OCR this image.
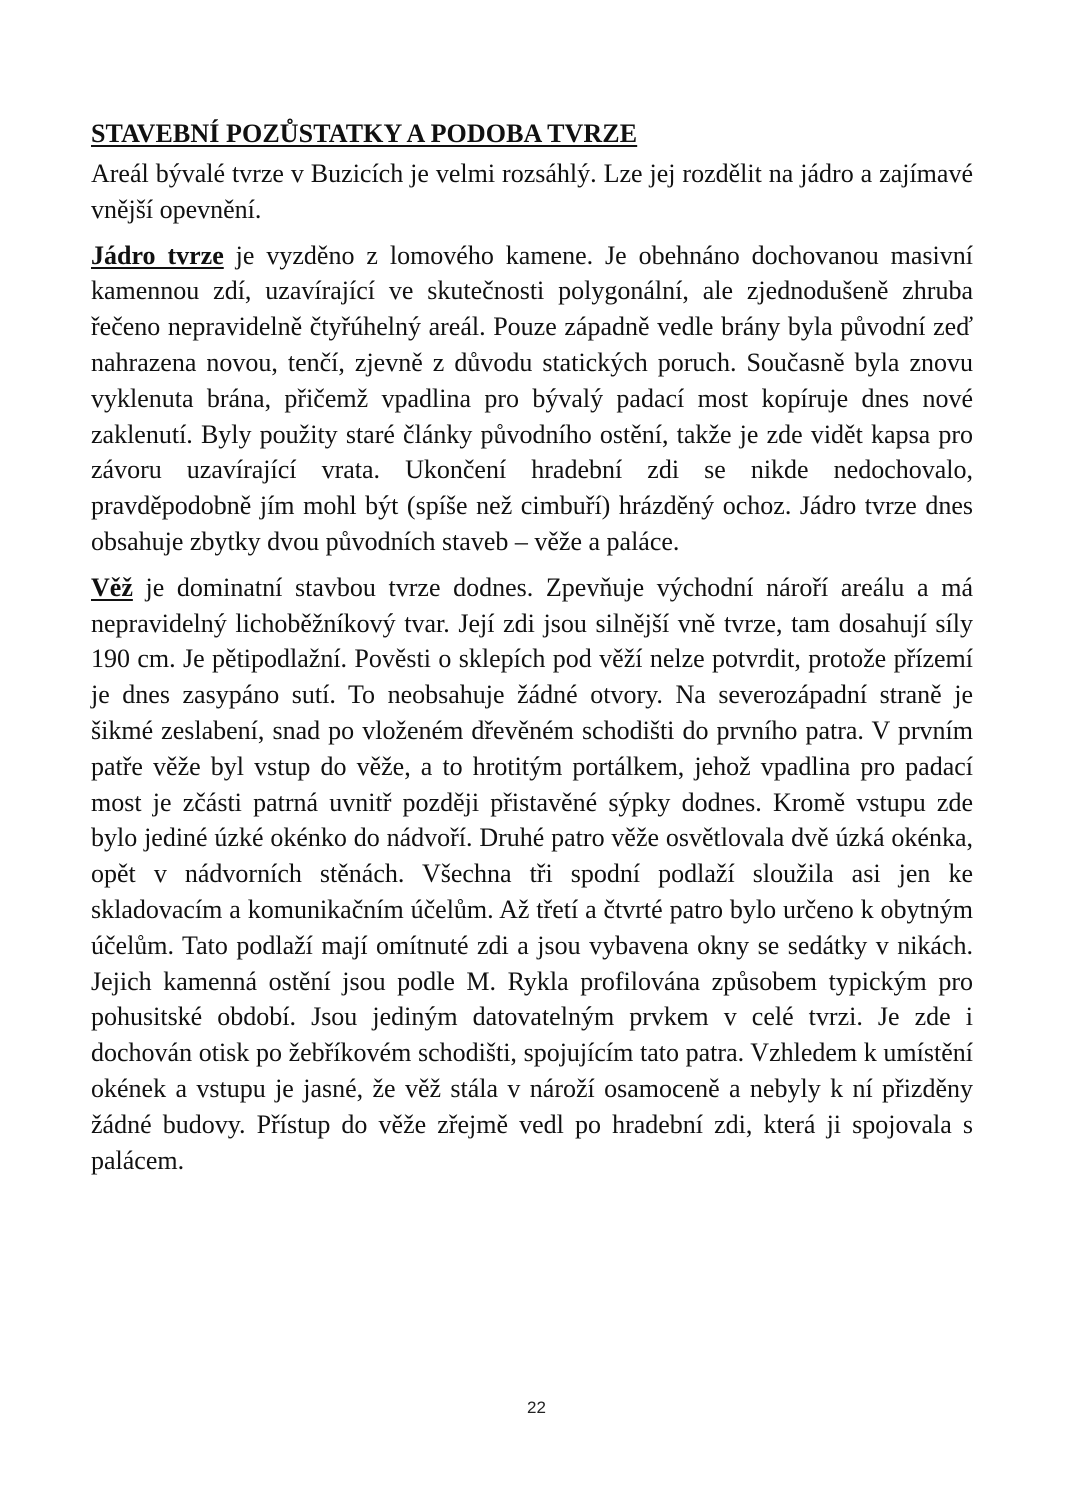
STAVEBNÍ POZŮSTATKY A PODOBA TVRZE

Areál bývalé tvrze v Buzicích je velmi rozsáhlý. Lze jej rozdělit na jádro a zajímavé vnější opevnění.

Jádro tvrze je vyzděno z lomového kamene. Je obehnáno dochovanou masivní kamennou zdí, uzavírající ve skutečnosti polygonální, ale zjednodušeně zhruba řečeno nepravidelně čtyřúhelný areál. Pouze západně vedle brány byla původní zeď nahrazena novou, tenčí, zjevně z důvodu statických poruch. Současně byla znovu vyklenuta brána, přičemž vpadlina pro bývalý padací most kopíruje dnes nové zaklenutí. Byly použity staré články původního ostění, takže je zde vidět kapsa pro závoru uzavírající vrata. Ukončení hradební zdi se nikde nedochovalo, pravděpodobně jím mohl být (spíše než cimbuří) hrázděný ochoz. Jádro tvrze dnes obsahuje zbytky dvou původních staveb – věže a paláce.

Věž je dominatní stavbou tvrze dodnes. Zpevňuje východní nároří areálu a má nepravidelný lichoběžníkový tvar. Její zdi jsou silnější vně tvrze, tam dosahují síly 190 cm. Je pětipodlažní. Pověsti o sklepích pod věží nelze potvrdit, protože přízemí je dnes zasypáno sutí. To neobsahuje žádné otvory. Na severozápadní straně je šikmé zeslabení, snad po vloženém dřevěném schodišti do prvního patra. V prvním patře věže byl vstup do věže, a to hrotitým portálkem, jehož vpadlina pro padací most je zčásti patrná uvnitř později přistavěné sýpky dodnes. Kromě vstupu zde bylo jediné úzké okénko do nádvoří. Druhé patro věže osvětlovala dvě úzká okénka, opět v nádvorních stěnách. Všechna tři spodní podlaží sloužila asi jen ke skladovacím a komunikačním účelům. Až třetí a čtvrté patro bylo určeno k obytným účelům. Tato podlaží mají omítnuté zdi a jsou vybavena okny se sedátky v nikách. Jejich kamenná ostění jsou podle M. Rykla profilována způsobem typickým pro pohusitské období. Jsou jediným datovatelným prvkem v celé tvrzi. Je zde i dochován otisk po žebříkovém schodišti, spojujícím tato patra. Vzhledem k umístění okének a vstupu je jasné, že věž stála v nároží osamoceně a nebyly k ní přizděny žádné budovy. Přístup do věže zřejmě vedl po hradební zdi, která ji spojovala s palácem.

22
